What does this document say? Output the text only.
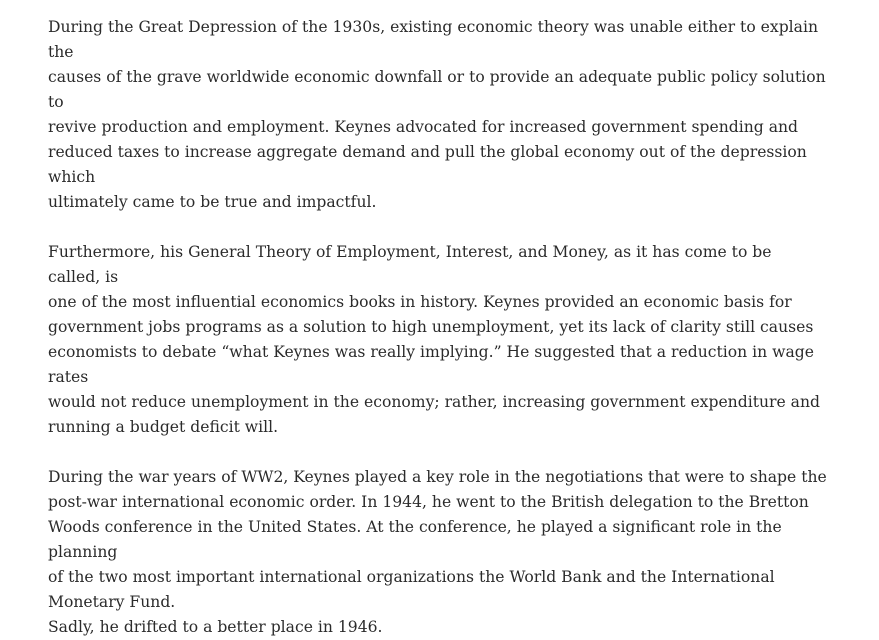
During the Great Depression of the 1930s, existing economic theory was unable either to explain the
causes of the grave worldwide economic downfall or to provide an adequate public policy solution to
revive production and employment. Keynes advocated for increased government spending and
reduced taxes to increase aggregate demand and pull the global economy out of the depression which
ultimately came to be true and impactful.

Furthermore, his General Theory of Employment, Interest, and Money, as it has come to be called, is
one of the most influential economics books in history. Keynes provided an economic basis for
government jobs programs as a solution to high unemployment, yet its lack of clarity still causes
economists to debate “what Keynes was really implying.” He suggested that a reduction in wage rates
would not reduce unemployment in the economy; rather, increasing government expenditure and
running a budget deficit will.

During the war years of WW2, Keynes played a key role in the negotiations that were to shape the
post-war international economic order. In 1944, he went to the British delegation to the Bretton
Woods conference in the United States. At the conference, he played a significant role in the planning
of the two most important international organizations the World Bank and the International
Monetary Fund.

Sadly, he drifted to a better place in 1946.
